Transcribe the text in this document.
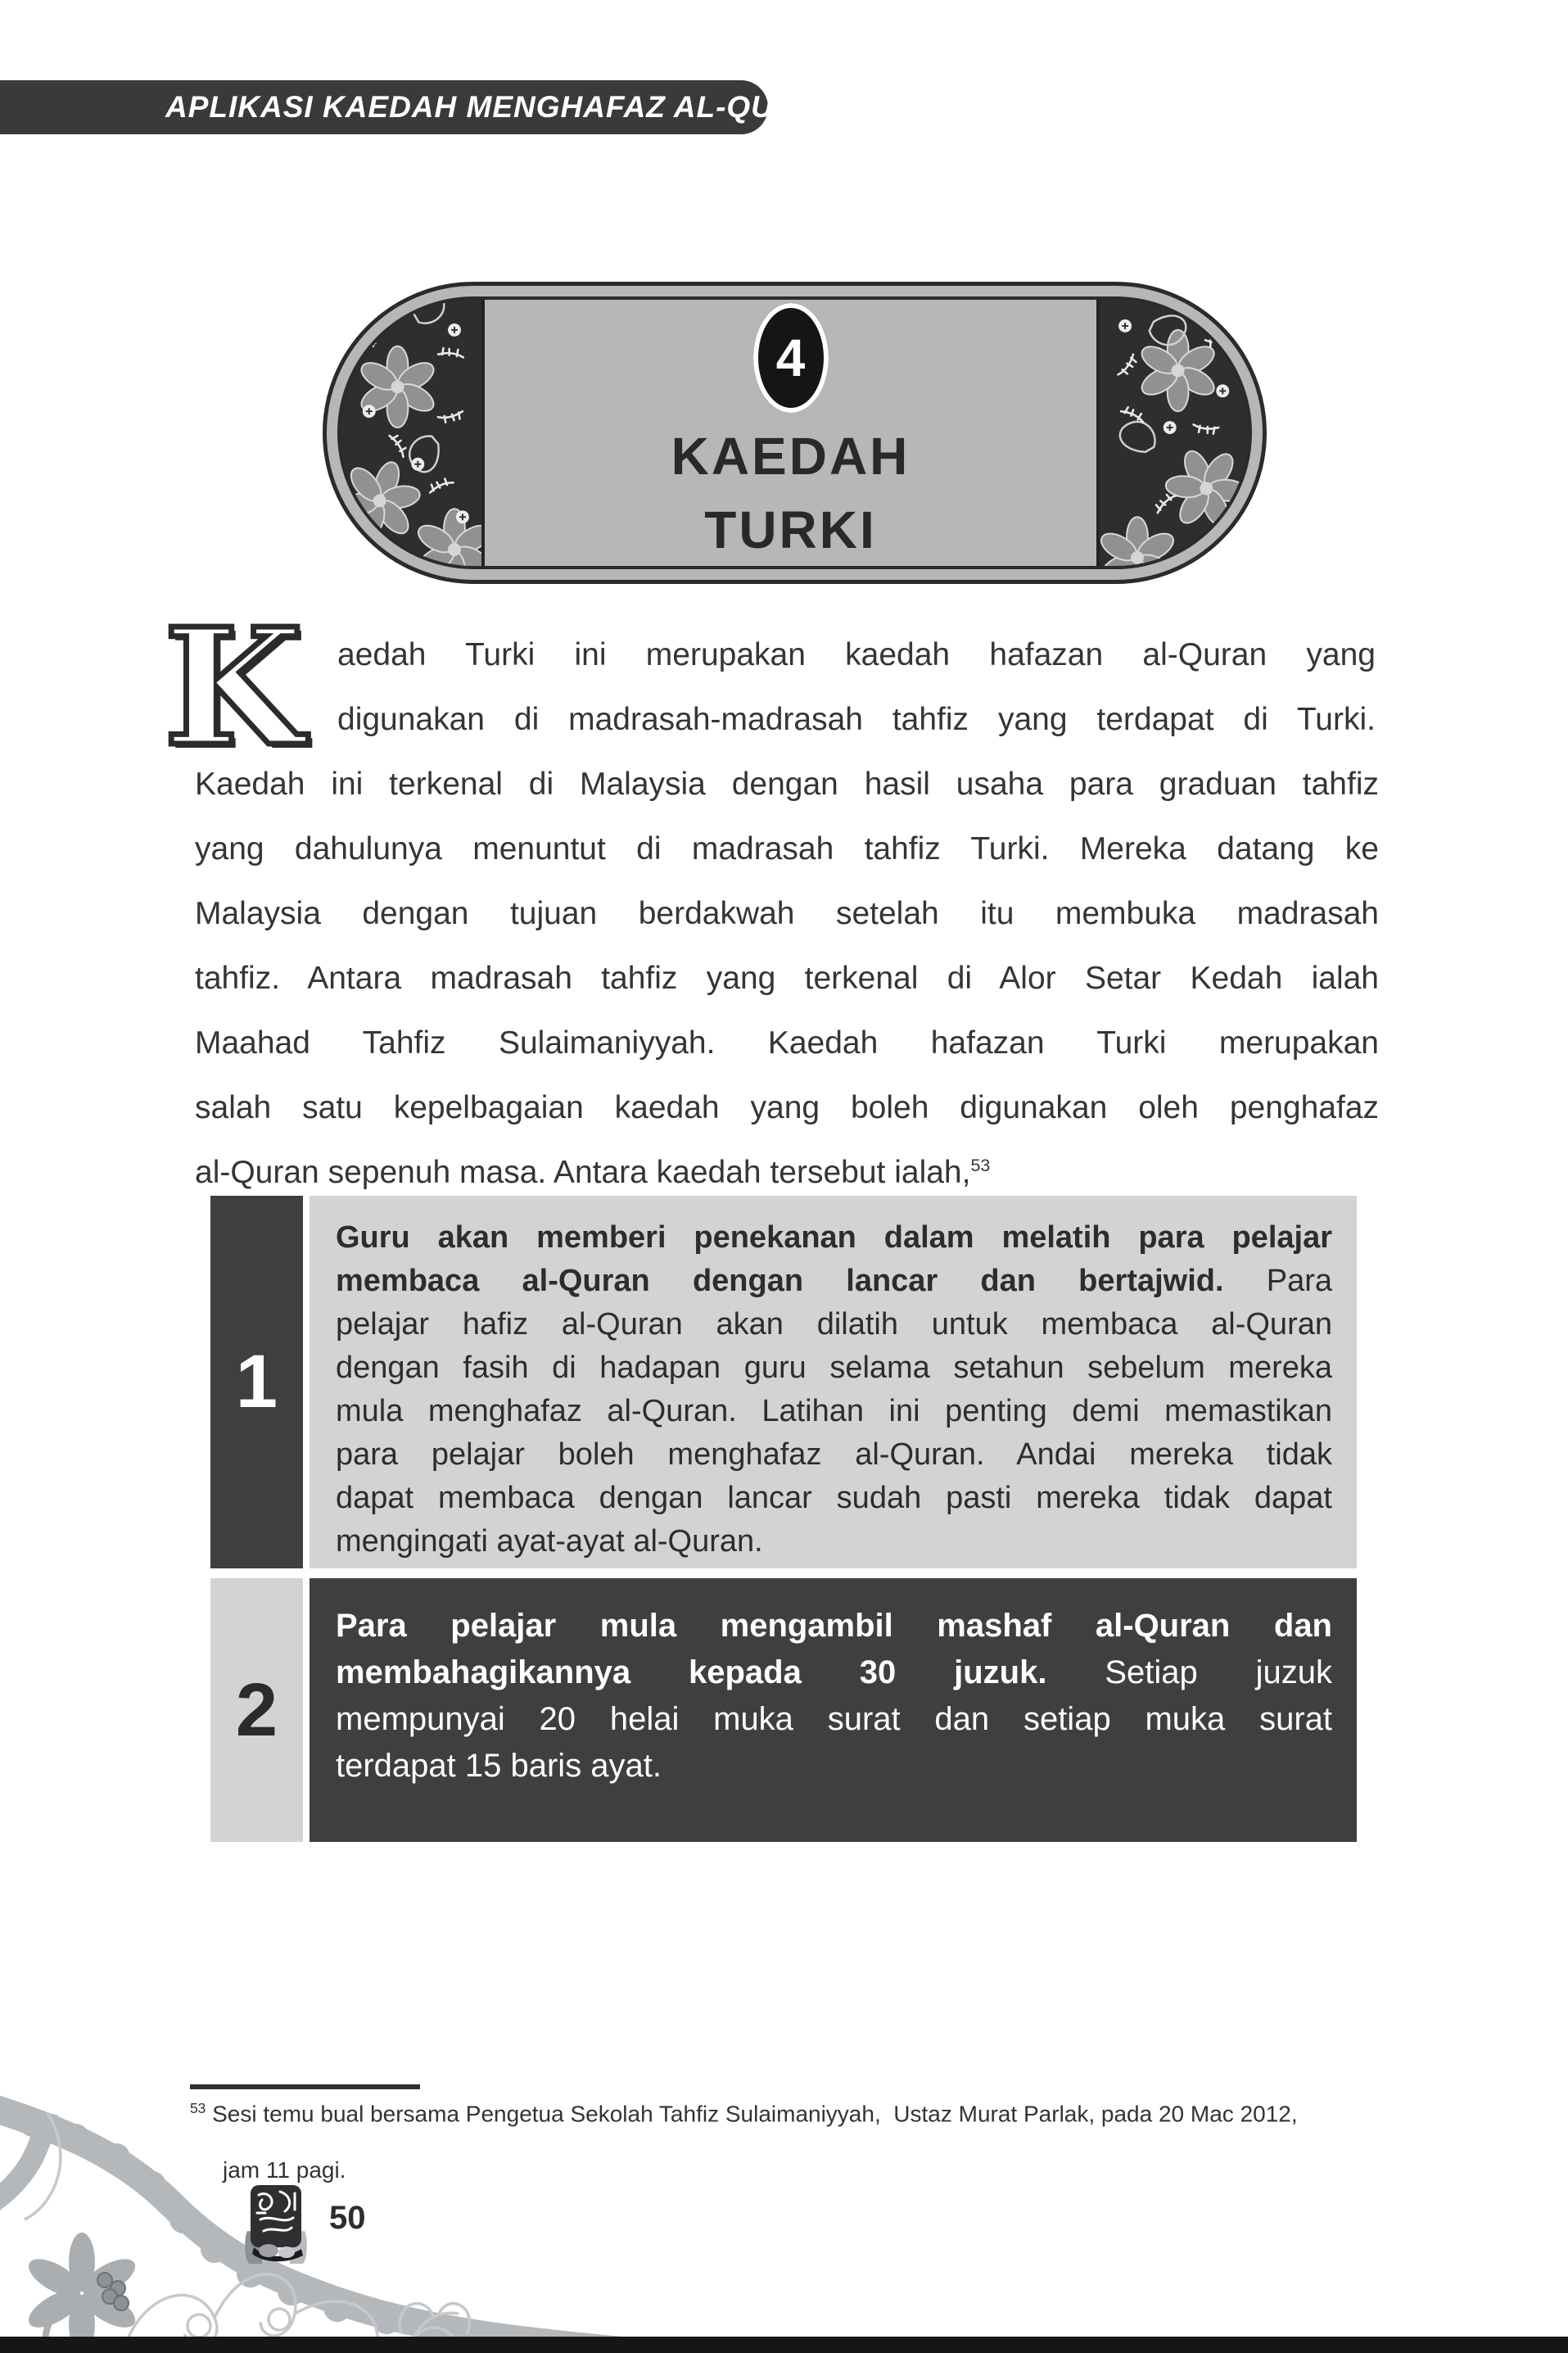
APLIKASI KAEDAH MENGHAFAZ AL-QURAN
4
KAEDAH
TURKI
K aedah Turki ini merupakan kaedah hafazan al-Quran yang
digunakan di madrasah-madrasah tahfiz yang terdapat di Turki.
Kaedah ini terkenal di Malaysia dengan hasil usaha para graduan tahfiz
yang dahulunya menuntut di madrasah tahfiz Turki. Mereka datang ke
Malaysia dengan tujuan berdakwah setelah itu membuka madrasah
tahfiz. Antara madrasah tahfiz yang terkenal di Alor Setar Kedah ialah
Maahad Tahfiz Sulaimaniyyah. Kaedah hafazan Turki merupakan
salah satu kepelbagaian kaedah yang boleh digunakan oleh penghafaz
al-Quran sepenuh masa. Antara kaedah tersebut ialah,$^{53}$
1
Guru akan memberi penekanan dalam melatih para pelajar
membaca al-Quran dengan lancar dan bertajwid. Para
pelajar hafiz al-Quran akan dilatih untuk membaca al-Quran
dengan fasih di hadapan guru selama setahun sebelum mereka
mula menghafaz al-Quran. Latihan ini penting demi memastikan
para pelajar boleh menghafaz al-Quran. Andai mereka tidak
dapat membaca dengan lancar sudah pasti mereka tidak dapat
mengingati ayat-ayat al-Quran.
2
Para pelajar mula mengambil mashaf al-Quran dan
membahagikannya kepada 30 juzuk. Setiap juzuk
mempunyai 20 helai muka surat dan setiap muka surat
terdapat 15 baris ayat.
$^{53}$ Sesi temu bual bersama Pengetua Sekolah Tahfiz Sulaimaniyyah,  Ustaz Murat Parlak, pada 20 Mac 2012,
jam 11 pagi.
50
